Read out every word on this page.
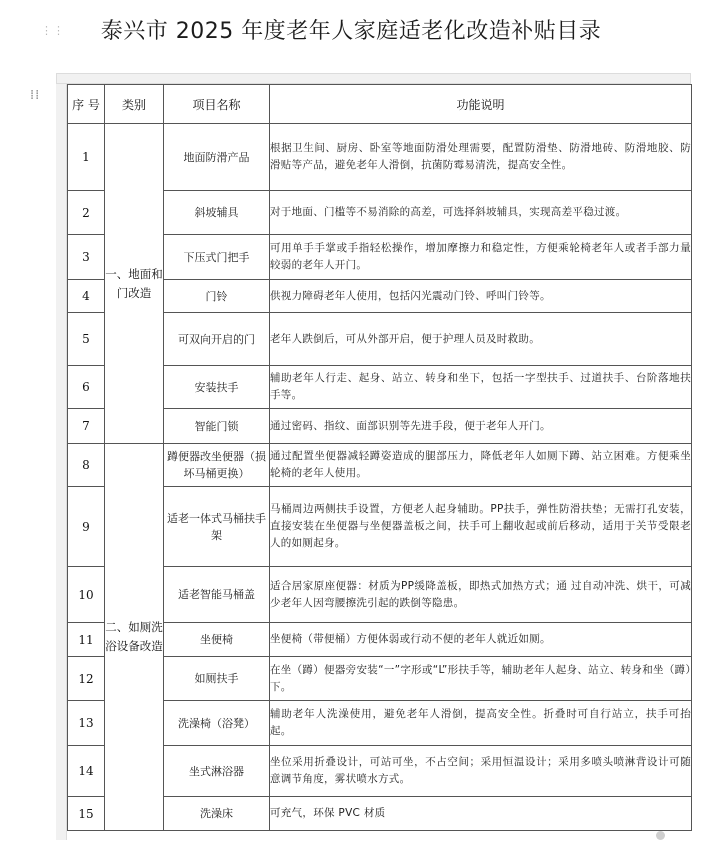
泰兴市 2025 年度老年人家庭适老化改造补贴目录
⋮⋮
⁞⁞
序 号	类别	项目名称	功能说明
1	一、地面和门改造	地面防滑产品	根据卫生间、厨房、卧室等地面防滑处理需要，配置防滑垫、防滑地砖、防滑地胶、防滑贴等产品，避免老年人滑倒，抗菌防霉易清洗，提高安全性。
2		斜坡辅具	对于地面、门槛等不易消除的高差，可选择斜坡辅具，实现高差平稳过渡。
3		下压式门把手	可用单手手掌或手指轻松操作，增加摩擦力和稳定性，方便乘轮椅老年人或者手部力量较弱的老年人开门。
4		门铃	供视力障碍老年人使用，包括闪光震动门铃、呼叫门铃等。
5		可双向开启的门	老年人跌倒后，可从外部开启，便于护理人员及时救助。
6		安装扶手	辅助老年人行走、起身、站立、转身和坐下，包括一字型扶手、过道扶手、台阶落地扶手等。
7		智能门锁	通过密码、指纹、面部识别等先进手段，便于老年人开门。
8	二、如厕洗浴设备改造	蹲便器改坐便器（损坏马桶更换）	通过配置坐便器减轻蹲姿造成的腿部压力，降低老年人如厕下蹲、站立困难。方便乘坐轮椅的老年人使用。
9		适老一体式马桶扶手架	马桶周边两侧扶手设置，方便老人起身辅助。PP扶手，弹性防滑扶垫；无需打孔安装，直接安装在坐便器与坐便器盖板之间，扶手可上翻收起或前后移动，适用于关节受限老人的如厕起身。
10		适老智能马桶盖	适合居家原座便器：材质为PP缓降盖板，即热式加热方式；通 过自动冲洗、烘干，可减少老年人因弯腰擦洗引起的跌倒等隐患。
11		坐便椅	坐便椅（带便桶）方便体弱或行动不便的老年人就近如厕。
12		如厕扶手	在坐（蹲）便器旁安装“一”字形或“L”形扶手等，辅助老年人起身、站立、转身和坐（蹲）下。
13		洗澡椅（浴凳）	辅助老年人洗澡使用，避免老年人滑倒，提高安全性。折叠时可自行站立，扶手可抬起。
14		坐式淋浴器	坐位采用折叠设计，可站可坐，不占空间；采用恒温设计；采用多喷头喷淋背设计可随意调节角度，雾状喷水方式。
15		洗澡床	可充气，环保 PVC 材质
